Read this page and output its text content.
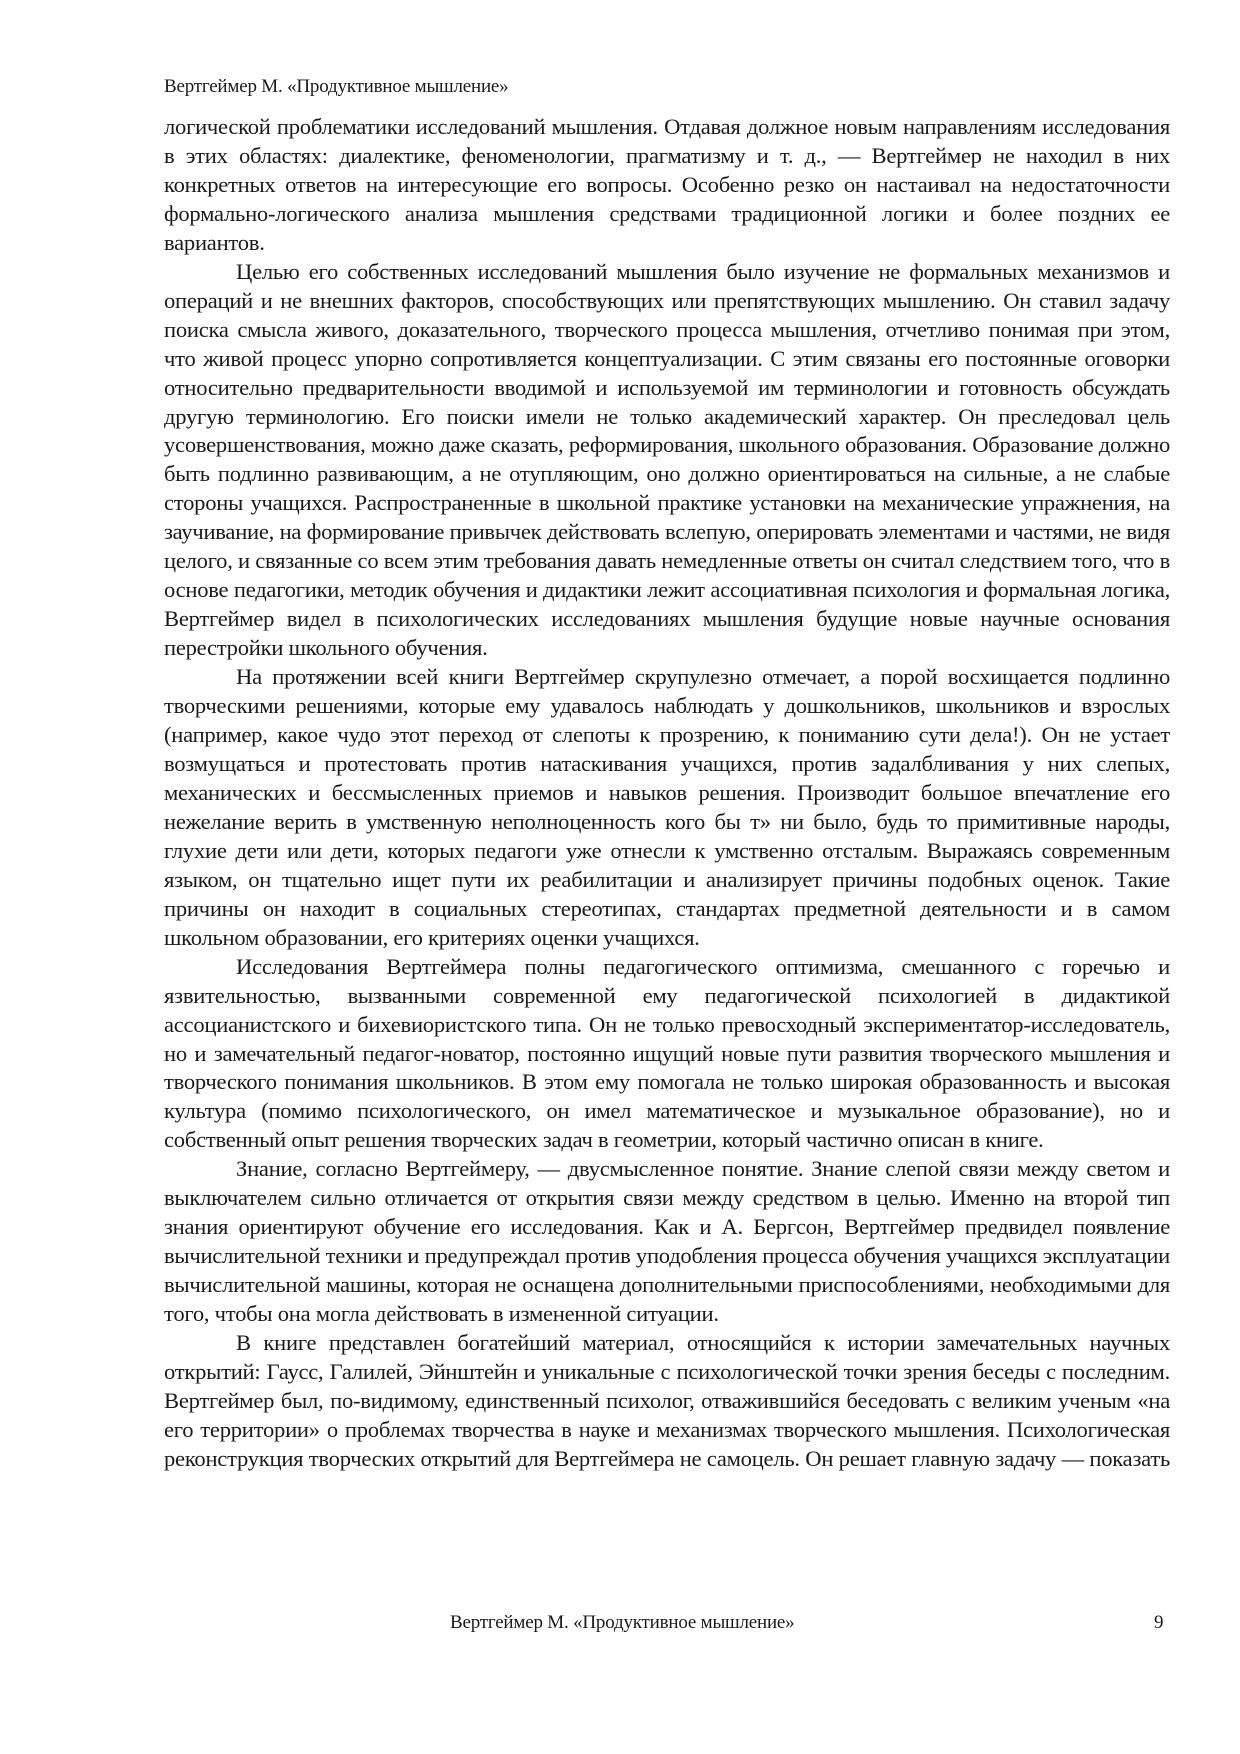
Вертгеймер М. «Продуктивное мышление»

логической проблематики исследований мышления. Отдавая должное новым направлениям исследования в этих областях: диалектике, феноменологии, прагматизму и т. д., — Вертгеймер не находил в них конкретных ответов на интересующие его вопросы. Особенно резко он настаивал на недостаточности формально-логического анализа мышления средствами традиционной логики и более поздних ее вариантов.

Целью его собственных исследований мышления было изучение не формальных механизмов и операций и не внешних факторов, способствующих или препятствующих мышлению. Он ставил задачу поиска смысла живого, доказательного, творческого процесса мышления, отчетливо понимая при этом, что живой процесс упорно сопротивляется концептуализации. С этим связаны его постоянные оговорки относительно предварительности вводимой и используемой им терминологии и готовность обсуждать другую терминологию. Его поиски имели не только академический характер. Он преследовал цель усовершенствования, можно даже сказать, реформирования, школьного образования. Образование должно быть подлинно развивающим, а не отупляющим, оно должно ориентироваться на сильные, а не слабые стороны учащихся. Распространенные в школьной практике установки на механические упражнения, на заучивание, на формирование привычек действовать вслепую, оперировать элементами и частями, не видя целого, и связанные со всем этим требования давать немедленные ответы он считал следствием того, что в основе педагогики, методик обучения и дидактики лежит ассоциативная психология и формальная логика, Вертгеймер видел в психологических исследованиях мышления будущие новые научные основания перестройки школьного обучения.

На протяжении всей книги Вертгеймер скрупулезно отмечает, а порой восхищается подлинно творческими решениями, которые ему удавалось наблюдать у дошкольников, школьников и взрослых (например, какое чудо этот переход от слепоты к прозрению, к пониманию сути дела!). Он не устает возмущаться и протестовать против натаскивания учащихся, против задалбливания у них слепых, механических и бессмысленных приемов и навыков решения. Производит большое впечатление его нежелание верить в умственную неполноценность кого бы т» ни было, будь то примитивные народы, глухие дети или дети, которых педагоги уже отнесли к умственно отсталым. Выражаясь современным языком, он тщательно ищет пути их реабилитации и анализирует причины подобных оценок. Такие причины он находит в социальных стереотипах, стандартах предметной деятельности и в самом школьном образовании, его критериях оценки учащихся.

Исследования Вертгеймера полны педагогического оптимизма, смешанного с горечью и язвительностью, вызванными современной ему педагогической психологией в дидактикой ассоцианистского и бихевиористского типа. Он не только превосходный экспериментатор-исследователь, но и замечательный педагог-новатор, постоянно ищущий новые пути развития творческого мышления и творческого понимания школьников. В этом ему помогала не только широкая образованность и высокая культура (помимо психологического, он имел математическое и музыкальное образование), но и собственный опыт решения творческих задач в геометрии, который частично описан в книге.

Знание, согласно Вертгеймеру, — двусмысленное понятие. Знание слепой связи между светом и выключателем сильно отличается от открытия связи между средством в целью. Именно на второй тип знания ориентируют обучение его исследования. Как и А. Бергсон, Вертгеймер предвидел появление вычислительной техники и предупреждал против уподобления процесса обучения учащихся эксплуатации вычислительной машины, которая не оснащена дополнительными приспособлениями, необходимыми для того, чтобы она могла действовать в измененной ситуации.

В книге представлен богатейший материал, относящийся к истории замечательных научных открытий: Гаусс, Галилей, Эйнштейн и уникальные с психологической точки зрения беседы с последним. Вертгеймер был, по-видимому, единственный психолог, отважившийся беседовать с великим ученым «на его территории» о проблемах творчества в науке и механизмах творческого мышления. Психологическая реконструкция творческих открытий для Вертгеймера не самоцель. Он решает главную задачу — показать

Вертгеймер М. «Продуктивное мышление»	9
